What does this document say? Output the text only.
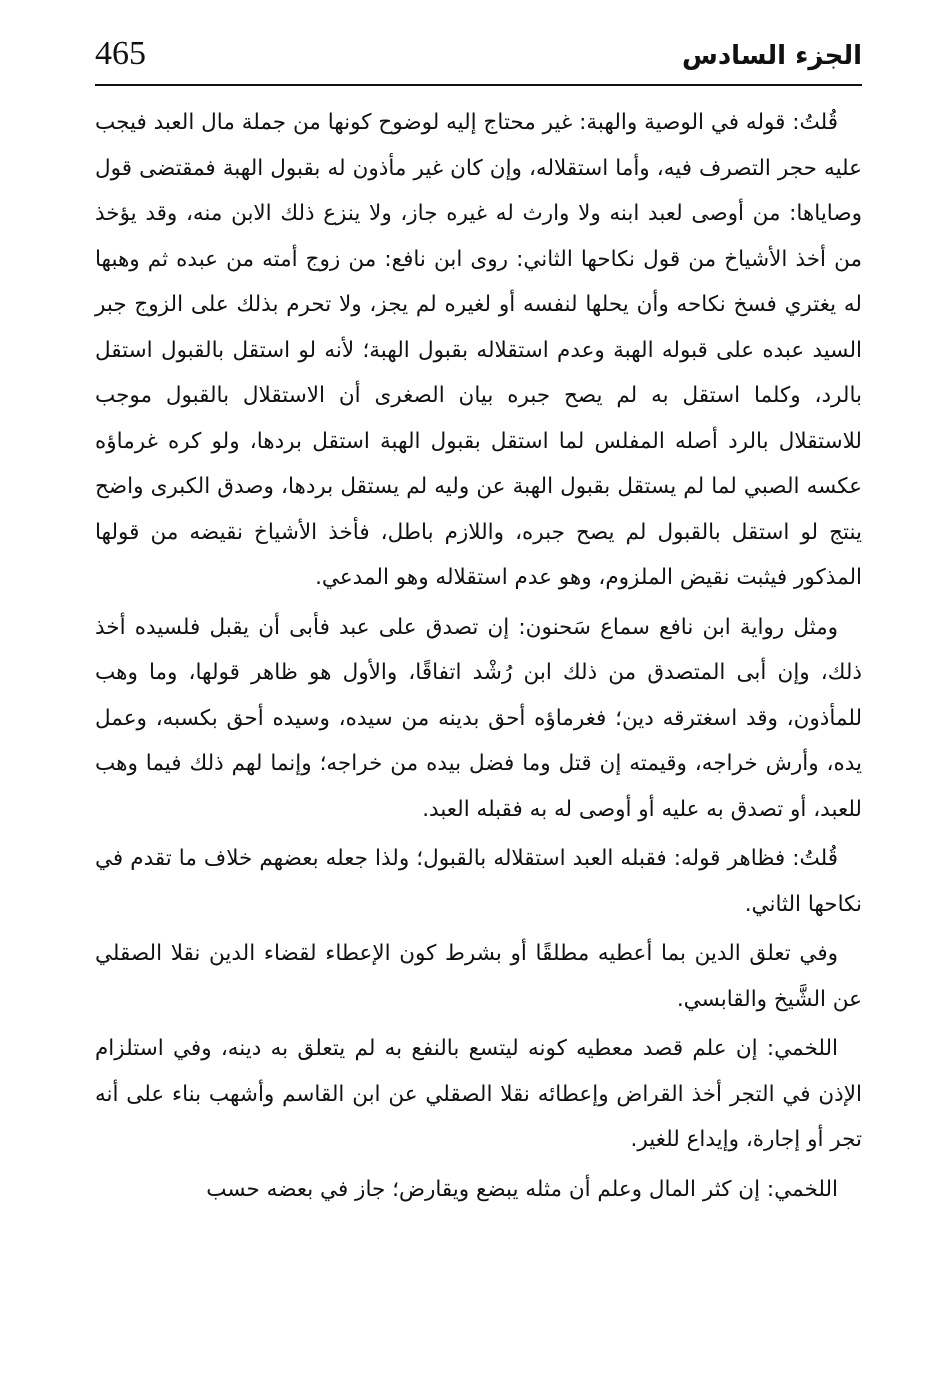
465	الجزء السادس

قُلتُ: قوله في الوصية والهبة: غير محتاج إليه لوضوح كونها من جملة مال العبد فيجب عليه حجر التصرف فيه، وأما استقلاله، وإن كان غير مأذون له بقبول الهبة فمقتضى قول وصاياها: من أوصى لعبد ابنه ولا وارث له غيره جاز، ولا ينزع ذلك الابن منه، وقد يؤخذ من أخذ الأشياخ من قول نكاحها الثاني: روى ابن نافع: من زوج أمته من عبده ثم وهبها له يغتري فسخ نكاحه وأن يحلها لنفسه أو لغيره لم يجز، ولا تحرم بذلك على الزوج جبر السيد عبده على قبوله الهبة وعدم استقلاله بقبول الهبة؛ لأنه لو استقل بالقبول استقل بالرد، وكلما استقل به لم يصح جبره بيان الصغرى أن الاستقلال بالقبول موجب للاستقلال بالرد أصله المفلس لما استقل بقبول الهبة استقل بردها، ولو كره غرماؤه عكسه الصبي لما لم يستقل بقبول الهبة عن وليه لم يستقل بردها، وصدق الكبرى واضح ينتج لو استقل بالقبول لم يصح جبره، واللازم باطل، فأخذ الأشياخ نقيضه من قولها المذكور فيثبت نقيض الملزوم، وهو عدم استقلاله وهو المدعي.

ومثل رواية ابن نافع سماع سَحنون: إن تصدق على عبد فأبى أن يقبل فلسيده أخذ ذلك، وإن أبى المتصدق من ذلك ابن رُشْد اتفاقًا، والأول هو ظاهر قولها، وما وهب للمأذون، وقد اسغترقه دين؛ فغرماؤه أحق بدينه من سيده، وسيده أحق بكسبه، وعمل يده، وأرش خراجه، وقيمته إن قتل وما فضل بيده من خراجه؛ وإنما لهم ذلك فيما وهب للعبد، أو تصدق به عليه أو أوصى له به فقبله العبد.

قُلتُ: فظاهر قوله: فقبله العبد استقلاله بالقبول؛ ولذا جعله بعضهم خلاف ما تقدم في نكاحها الثاني.

وفي تعلق الدين بما أعطيه مطلقًا أو بشرط كون الإعطاء لقضاء الدين نقلا الصقلي عن الشَّيخ والقابسي.

اللخمي: إن علم قصد معطيه كونه ليتسع بالنفع به لم يتعلق به دينه، وفي استلزام الإذن في التجر أخذ القراض وإعطائه نقلا الصقلي عن ابن القاسم وأشهب بناء على أنه تجر أو إجارة، وإيداع للغير.

اللخمي: إن كثر المال وعلم أن مثله يبضع ويقارض؛ جاز في بعضه حسب
